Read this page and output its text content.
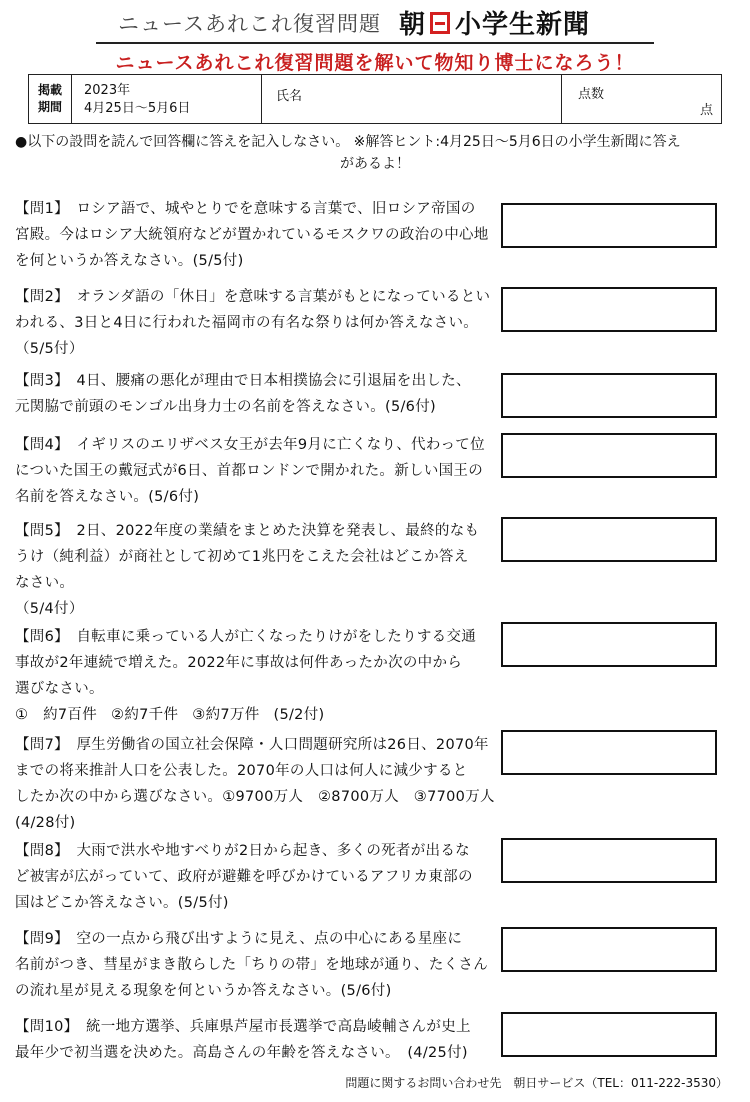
ニュースあれこれ復習問題 朝 小学生新聞
ニュースあれこれ復習問題を解いて物知り博士になろう！
掲載
期間
2023年
4月25日～5月6日
氏名	点数
点
●以下の設問を読んで回答欄に答えを記入しなさい。 ※解答ヒント:4月25日～5月6日の小学生新聞に答え
があるよ！

【問1】　ロシア語で、城やとりでを意味する言葉で、旧ロシア帝国の

宮殿。今はロシア大統領府などが置かれているモスクワの政治の中心地

を何というか答えなさい。(5/5付)

【問2】　オランダ語の「休日」を意味する言葉がもとになっているとい

われる、3日と4日に行われた福岡市の有名な祭りは何か答えなさい。

（5/5付）

【問3】　4日、腰痛の悪化が理由で日本相撲協会に引退届を出した、

元関脇で前頭のモンゴル出身力士の名前を答えなさい。(5/6付)

【問4】　イギリスのエリザベス女王が去年9月に亡くなり、代わって位

についた国王の戴冠式が6日、首都ロンドンで開かれた。新しい国王の

名前を答えなさい。(5/6付)

【問5】　2日、2022年度の業績をまとめた決算を発表し、最終的なも

うけ（純利益）が商社として初めて1兆円をこえた会社はどこか答え

なさい。

（5/4付）

【問6】　自転車に乗っている人が亡くなったりけがをしたりする交通

事故が2年連続で増えた。2022年に事故は何件あったか次の中から

選びなさい。

①　約7百件 ②約7千件 ③約7万件 (5/2付)

【問7】　厚生労働省の国立社会保障・人口問題研究所は26日、2070年

までの将来推計人口を公表した。2070年の人口は何人に減少すると

したか次の中から選びなさい。①9700万人　②8700万人　③7700万人

(4/28付)

【問8】　大雨で洪水や地すべりが2日から起き、多くの死者が出るな

ど被害が広がっていて、政府が避難を呼びかけているアフリカ東部の

国はどこか答えなさい。(5/5付)

【問9】　空の一点から飛び出すように見え、点の中心にある星座に

名前がつき、彗星がまき散らした「ちりの帯」を地球が通り、たくさん

の流れ星が見える現象を何というか答えなさい。(5/6付)

【問10】　統一地方選挙、兵庫県芦屋市長選挙で高島崚輔さんが史上

最年少で初当選を決めた。高島さんの年齢を答えなさい。　(4/25付)

問題に関するお問い合わせ先　朝日サービス（TEL：011-222-3530）
